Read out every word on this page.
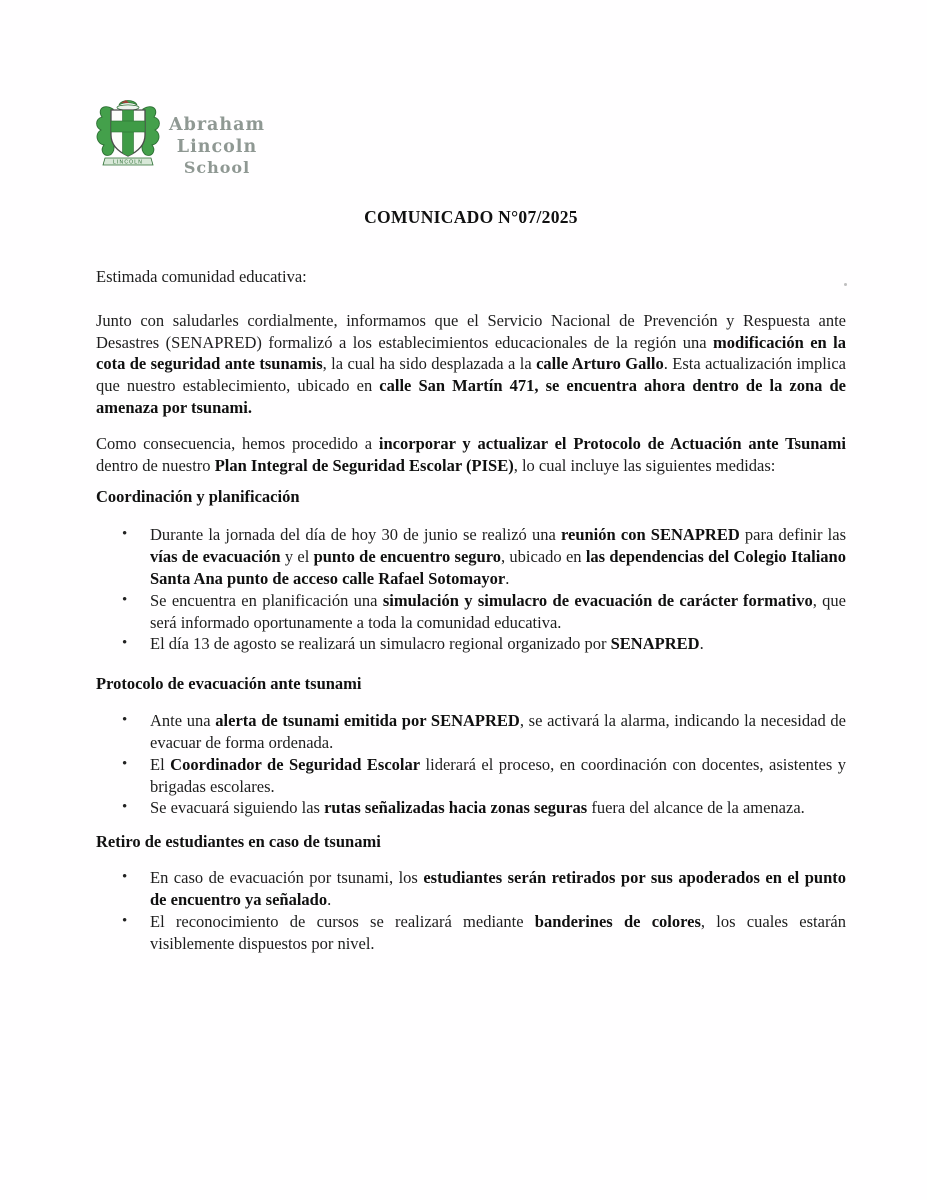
LINCOLN
Abraham Lincoln
School
COMUNICADO N°07/2025

Estimada comunidad educativa:

Junto con saludarles cordialmente, informamos que el Servicio Nacional de Prevención y Respuesta ante Desastres (SENAPRED) formalizó a los establecimientos educacionales de la región una modificación en la cota de seguridad ante tsunamis, la cual ha sido desplazada a la calle Arturo Gallo. Esta actualización implica que nuestro establecimiento, ubicado en calle San Martín 471, se encuentra ahora dentro de la zona de amenaza por tsunami.

Como consecuencia, hemos procedido a incorporar y actualizar el Protocolo de Actuación ante Tsunami dentro de nuestro Plan Integral de Seguridad Escolar (PISE), lo cual incluye las siguientes medidas:

Coordinación y planificación
• Durante la jornada del día de hoy 30 de junio se realizó una reunión con SENAPRED para definir las vías de evacuación y el punto de encuentro seguro, ubicado en las dependencias del Colegio Italiano Santa Ana punto de acceso calle Rafael Sotomayor.
• Se encuentra en planificación una simulación y simulacro de evacuación de carácter formativo, que será informado oportunamente a toda la comunidad educativa.
• El día 13 de agosto se realizará un simulacro regional organizado por SENAPRED.
Protocolo de evacuación ante tsunami
• Ante una alerta de tsunami emitida por SENAPRED, se activará la alarma, indicando la necesidad de evacuar de forma ordenada.
• El Coordinador de Seguridad Escolar liderará el proceso, en coordinación con docentes, asistentes y brigadas escolares.
• Se evacuará siguiendo las rutas señalizadas hacia zonas seguras fuera del alcance de la amenaza.
Retiro de estudiantes en caso de tsunami
• En caso de evacuación por tsunami, los estudiantes serán retirados por sus apoderados en el punto de encuentro ya señalado.
• El reconocimiento de cursos se realizará mediante banderines de colores, los cuales estarán visiblemente dispuestos por nivel.
